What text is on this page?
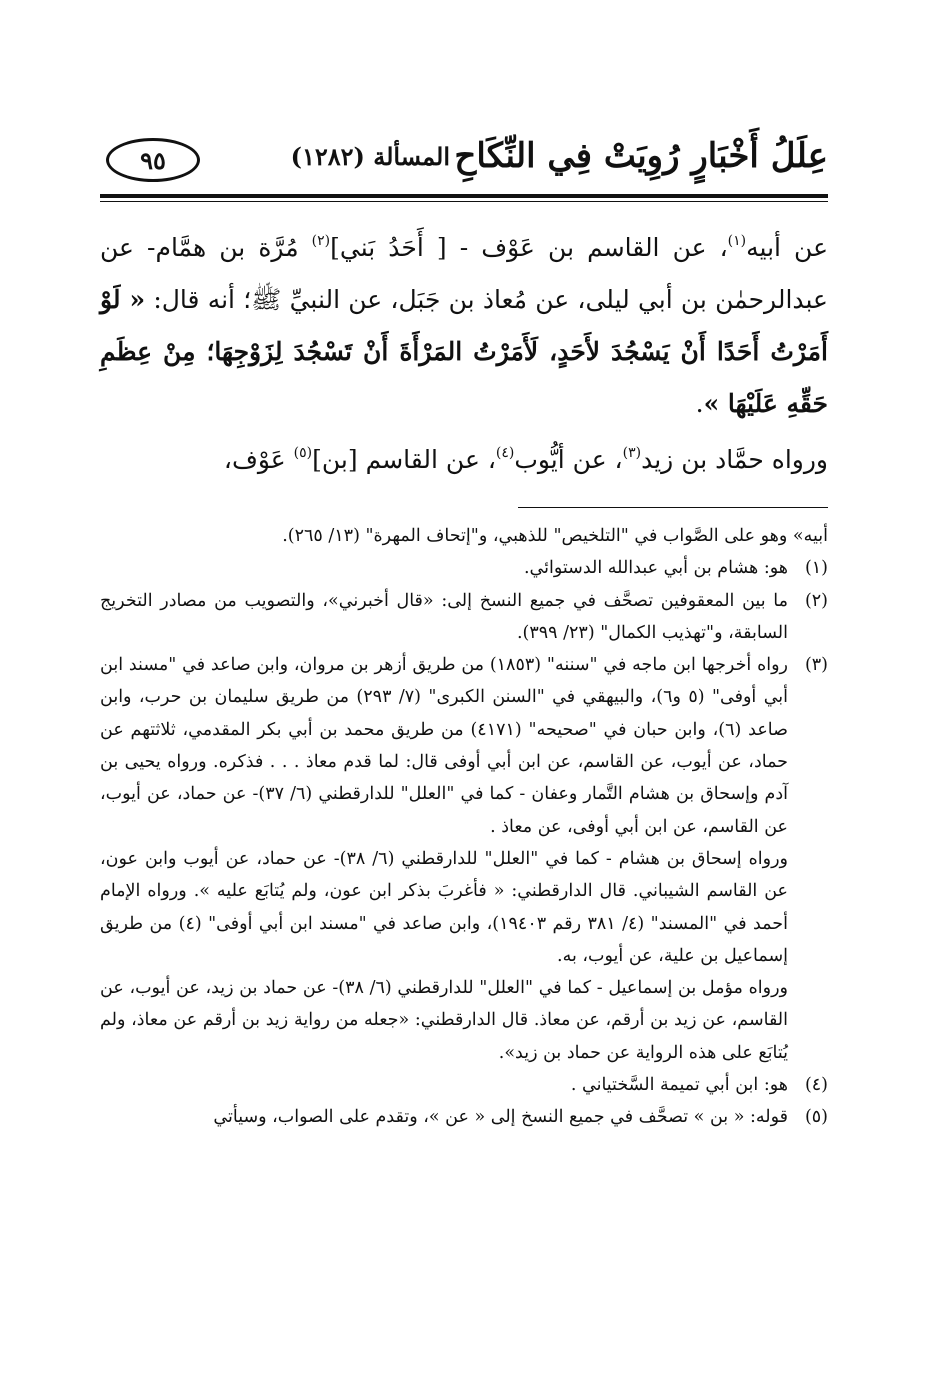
عِلَلُ أَخْبَارٍ رُوِيَتْ فِي النِّكَاحِ
المسألة (١٢٨٢)
٩٥

عن أبيه$^{(١)}$، عن القاسم بن عَوْف - [ أَحَدُ بَني]$^{(٢)}$ مُرَّة بن همَّام- عن عبدالرحمٰن بن أبي ليلى، عن مُعاذ بن جَبَل، عن النبيِّ ﷺ؛ أنه قال: « لَوْ أَمَرْتُ أَحَدًا أَنْ يَسْجُدَ لأَحَدٍ، لَأَمَرْتُ المَرْأَةَ أَنْ تَسْجُدَ لِزَوْجِهَا؛ مِنْ عِظَمِ حَقِّهِ عَلَيْهَا ».

ورواه حمَّاد بن زيد$^{(٣)}$، عن أيُّوب$^{(٤)}$، عن القاسم [بن]$^{(٥)}$ عَوْف،

أبيه» وهو على الصَّواب في "التلخيص" للذهبي، و"إتحاف المهرة" (١٣/ ٢٦٥).

(١)
هو: هشام بن أبي عبدالله الدستوائي.

(٢)
ما بين المعقوفين تصحَّف في جميع النسخ إلى: «قال أخبرني»، والتصويب من مصادر التخريج السابقة، و"تهذيب الكمال" (٢٣/ ٣٩٩).

(٣)
رواه أخرجها ابن ماجه في "سننه" (١٨٥٣) من طريق أزهر بن مروان، وابن صاعد في "مسند ابن أبي أوفى" (٥ و٦)، والبيهقي في "السنن الكبرى" (٧/ ٢٩٣) من طريق سليمان بن حرب، وابن صاعد (٦)، وابن حبان في "صحيحه" (٤١٧١) من طريق محمد بن أبي بكر المقدمي، ثلاثتهم عن حماد، عن أيوب، عن القاسم، عن ابن أبي أوفى قال: لما قدم معاذ . . . فذكره. ورواه يحيى بن آدم وإسحاق بن هشام التَّمار وعفان - كما في "العلل" للدارقطني (٦/ ٣٧)- عن حماد، عن أيوب، عن القاسم، عن ابن أبي أوفى، عن معاذ .

ورواه إسحاق بن هشام - كما في "العلل" للدارقطني (٦/ ٣٨)- عن حماد، عن أيوب وابن عون، عن القاسم الشيباني. قال الدارقطني: « فأغربَ بذكر ابن عون، ولم يُتابَع عليه ». ورواه الإمام أحمد في "المسند" (٤/ ٣٨١ رقم ١٩٤٠٣)، وابن صاعد في "مسند ابن أبي أوفى" (٤) من طريق إسماعيل بن علية، عن أيوب، به.

ورواه مؤمل بن إسماعيل - كما في "العلل" للدارقطني (٦/ ٣٨)- عن حماد بن زيد، عن أيوب، عن القاسم، عن زيد بن أرقم، عن معاذ. قال الدارقطني: «جعله من رواية زيد بن أرقم عن معاذ، ولم يُتابَع على هذه الرواية عن حماد بن زيد».

(٤)
هو: ابن أبي تميمة السَّختياني .

(٥)
قوله: « بن » تصحَّف في جميع النسخ إلى « عن »، وتقدم على الصواب، وسيأتي
